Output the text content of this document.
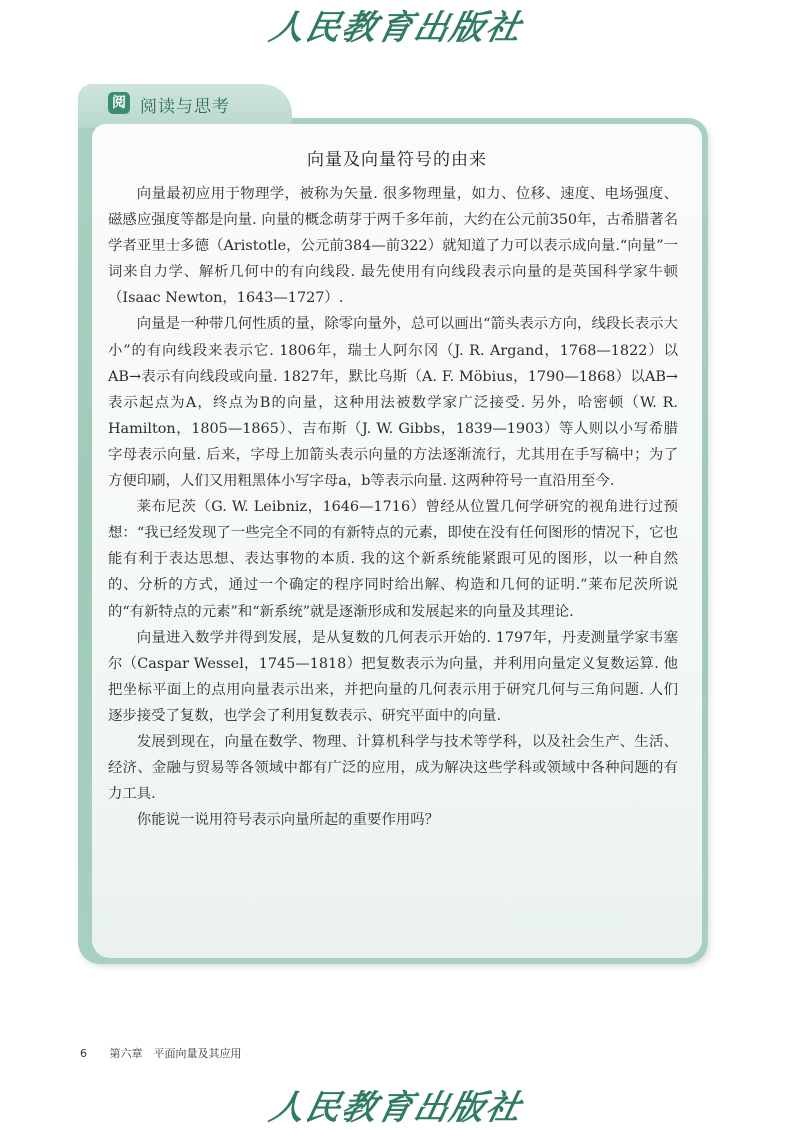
人民教育出版社
阅 阅读与思考
向量及向量符号的由来

向量最初应用于物理学，被称为矢量. 很多物理量，如力、位移、速度、电场强度、磁感应强度等都是向量. 向量的概念萌芽于两千多年前，大约在公元前350年，古希腊著名学者亚里士多德（Aristotle，公元前384—前322）就知道了力可以表示成向量.“向量”一词来自力学、解析几何中的有向线段. 最先使用有向线段表示向量的是英国科学家牛顿（Isaac Newton，1643—1727）.

向量是一种带几何性质的量，除零向量外，总可以画出“箭头表示方向，线段长表示大小”的有向线段来表示它. 1806年，瑞士人阿尔冈（J. R. Argand，1768—1822）以AB→表示有向线段或向量. 1827年，默比乌斯（A. F. Möbius，1790—1868）以AB→表示起点为A，终点为B的向量，这种用法被数学家广泛接受. 另外，哈密顿（W. R. Hamilton，1805—1865）、吉布斯（J. W. Gibbs，1839—1903）等人则以小写希腊字母表示向量. 后来，字母上加箭头表示向量的方法逐渐流行，尤其用在手写稿中；为了方便印刷，人们又用粗黑体小写字母a，b等表示向量. 这两种符号一直沿用至今.

莱布尼茨（G. W. Leibniz，1646—1716）曾经从位置几何学研究的视角进行过预想：“我已经发现了一些完全不同的有新特点的元素，即使在没有任何图形的情况下，它也能有利于表达思想、表达事物的本质. 我的这个新系统能紧跟可见的图形，以一种自然的、分析的方式，通过一个确定的程序同时给出解、构造和几何的证明.”莱布尼茨所说的“有新特点的元素”和“新系统”就是逐渐形成和发展起来的向量及其理论.

向量进入数学并得到发展，是从复数的几何表示开始的. 1797年，丹麦测量学家韦塞尔（Caspar Wessel，1745—1818）把复数表示为向量，并利用向量定义复数运算. 他把坐标平面上的点用向量表示出来，并把向量的几何表示用于研究几何与三角问题. 人们逐步接受了复数，也学会了利用复数表示、研究平面中的向量.

发展到现在，向量在数学、物理、计算机科学与技术等学科，以及社会生产、生活、经济、金融与贸易等各领域中都有广泛的应用，成为解决这些学科或领域中各种问题的有力工具.

你能说一说用符号表示向量所起的重要作用吗？

6 第六章　平面向量及其应用
人民教育出版社
